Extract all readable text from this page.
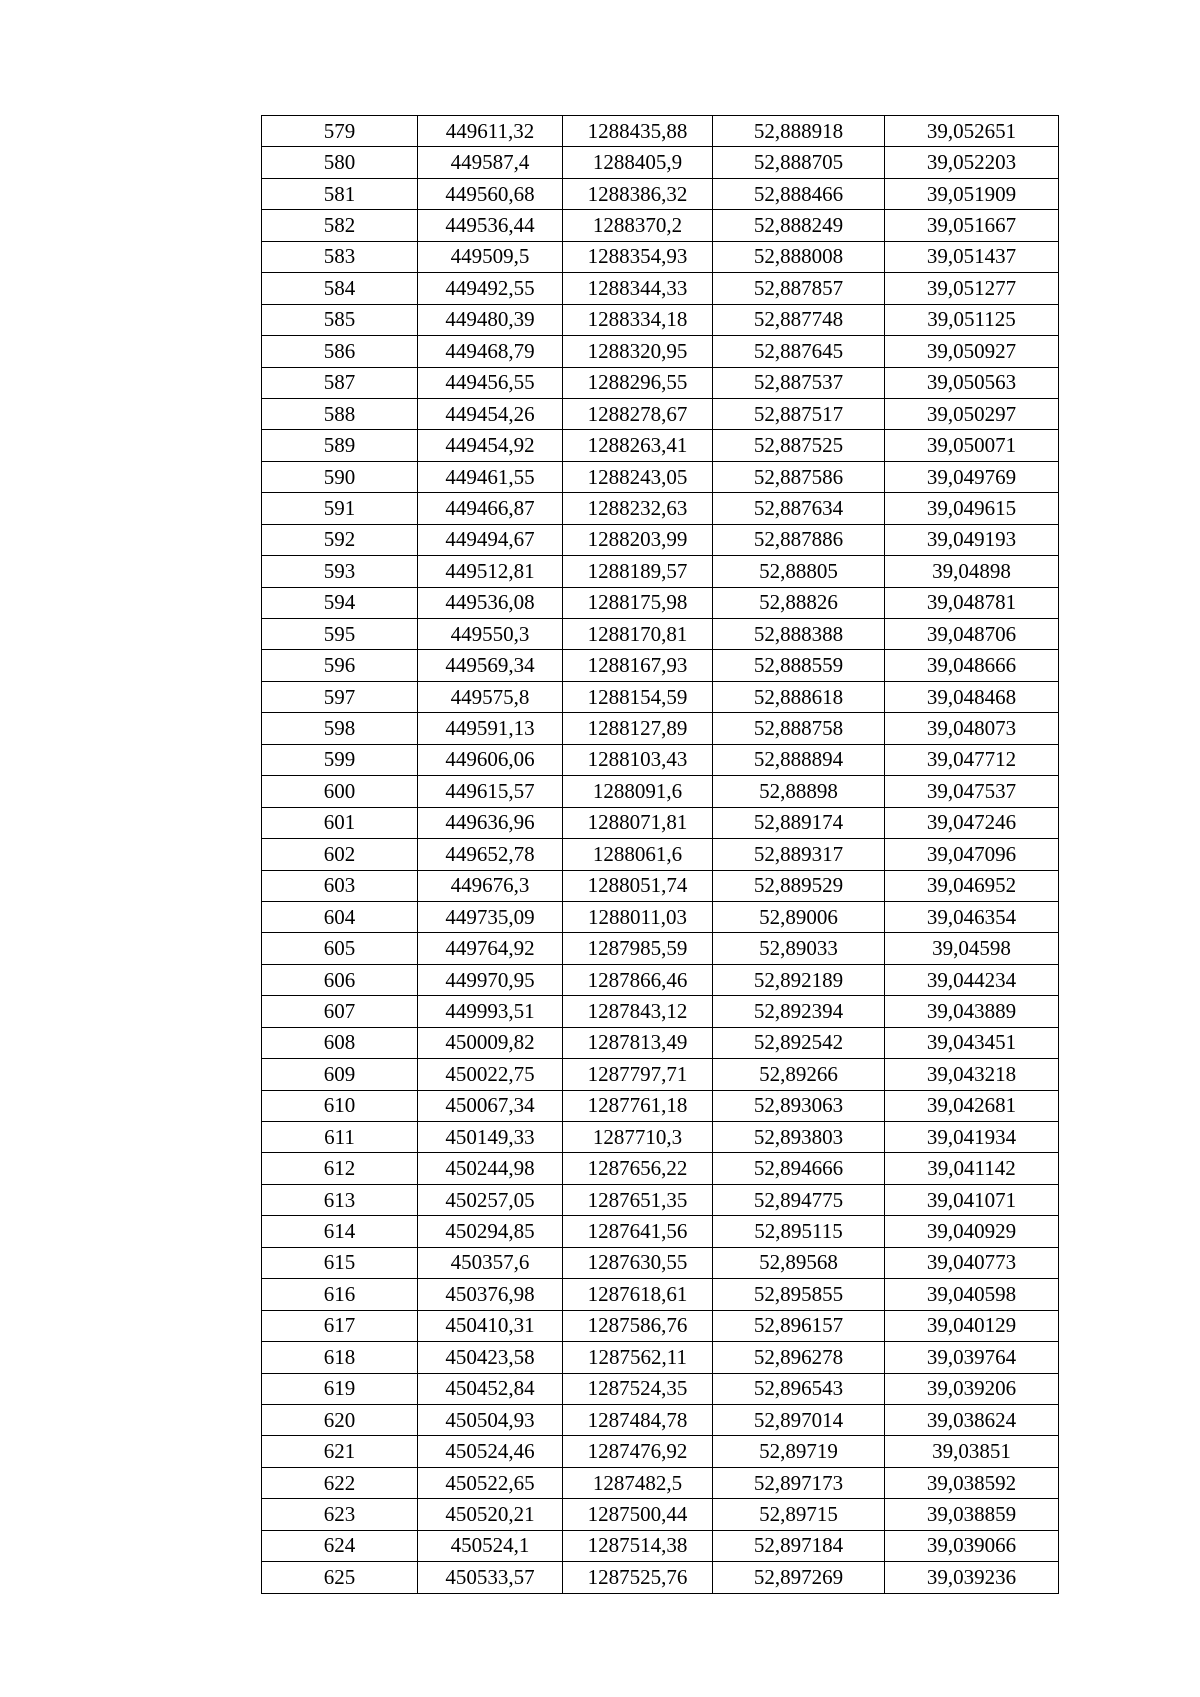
579	449611,32	1288435,88	52,888918	39,052651
580	449587,4	1288405,9	52,888705	39,052203
581	449560,68	1288386,32	52,888466	39,051909
582	449536,44	1288370,2	52,888249	39,051667
583	449509,5	1288354,93	52,888008	39,051437
584	449492,55	1288344,33	52,887857	39,051277
585	449480,39	1288334,18	52,887748	39,051125
586	449468,79	1288320,95	52,887645	39,050927
587	449456,55	1288296,55	52,887537	39,050563
588	449454,26	1288278,67	52,887517	39,050297
589	449454,92	1288263,41	52,887525	39,050071
590	449461,55	1288243,05	52,887586	39,049769
591	449466,87	1288232,63	52,887634	39,049615
592	449494,67	1288203,99	52,887886	39,049193
593	449512,81	1288189,57	52,88805	39,04898
594	449536,08	1288175,98	52,88826	39,048781
595	449550,3	1288170,81	52,888388	39,048706
596	449569,34	1288167,93	52,888559	39,048666
597	449575,8	1288154,59	52,888618	39,048468
598	449591,13	1288127,89	52,888758	39,048073
599	449606,06	1288103,43	52,888894	39,047712
600	449615,57	1288091,6	52,88898	39,047537
601	449636,96	1288071,81	52,889174	39,047246
602	449652,78	1288061,6	52,889317	39,047096
603	449676,3	1288051,74	52,889529	39,046952
604	449735,09	1288011,03	52,89006	39,046354
605	449764,92	1287985,59	52,89033	39,04598
606	449970,95	1287866,46	52,892189	39,044234
607	449993,51	1287843,12	52,892394	39,043889
608	450009,82	1287813,49	52,892542	39,043451
609	450022,75	1287797,71	52,89266	39,043218
610	450067,34	1287761,18	52,893063	39,042681
611	450149,33	1287710,3	52,893803	39,041934
612	450244,98	1287656,22	52,894666	39,041142
613	450257,05	1287651,35	52,894775	39,041071
614	450294,85	1287641,56	52,895115	39,040929
615	450357,6	1287630,55	52,89568	39,040773
616	450376,98	1287618,61	52,895855	39,040598
617	450410,31	1287586,76	52,896157	39,040129
618	450423,58	1287562,11	52,896278	39,039764
619	450452,84	1287524,35	52,896543	39,039206
620	450504,93	1287484,78	52,897014	39,038624
621	450524,46	1287476,92	52,89719	39,03851
622	450522,65	1287482,5	52,897173	39,038592
623	450520,21	1287500,44	52,89715	39,038859
624	450524,1	1287514,38	52,897184	39,039066
625	450533,57	1287525,76	52,897269	39,039236
